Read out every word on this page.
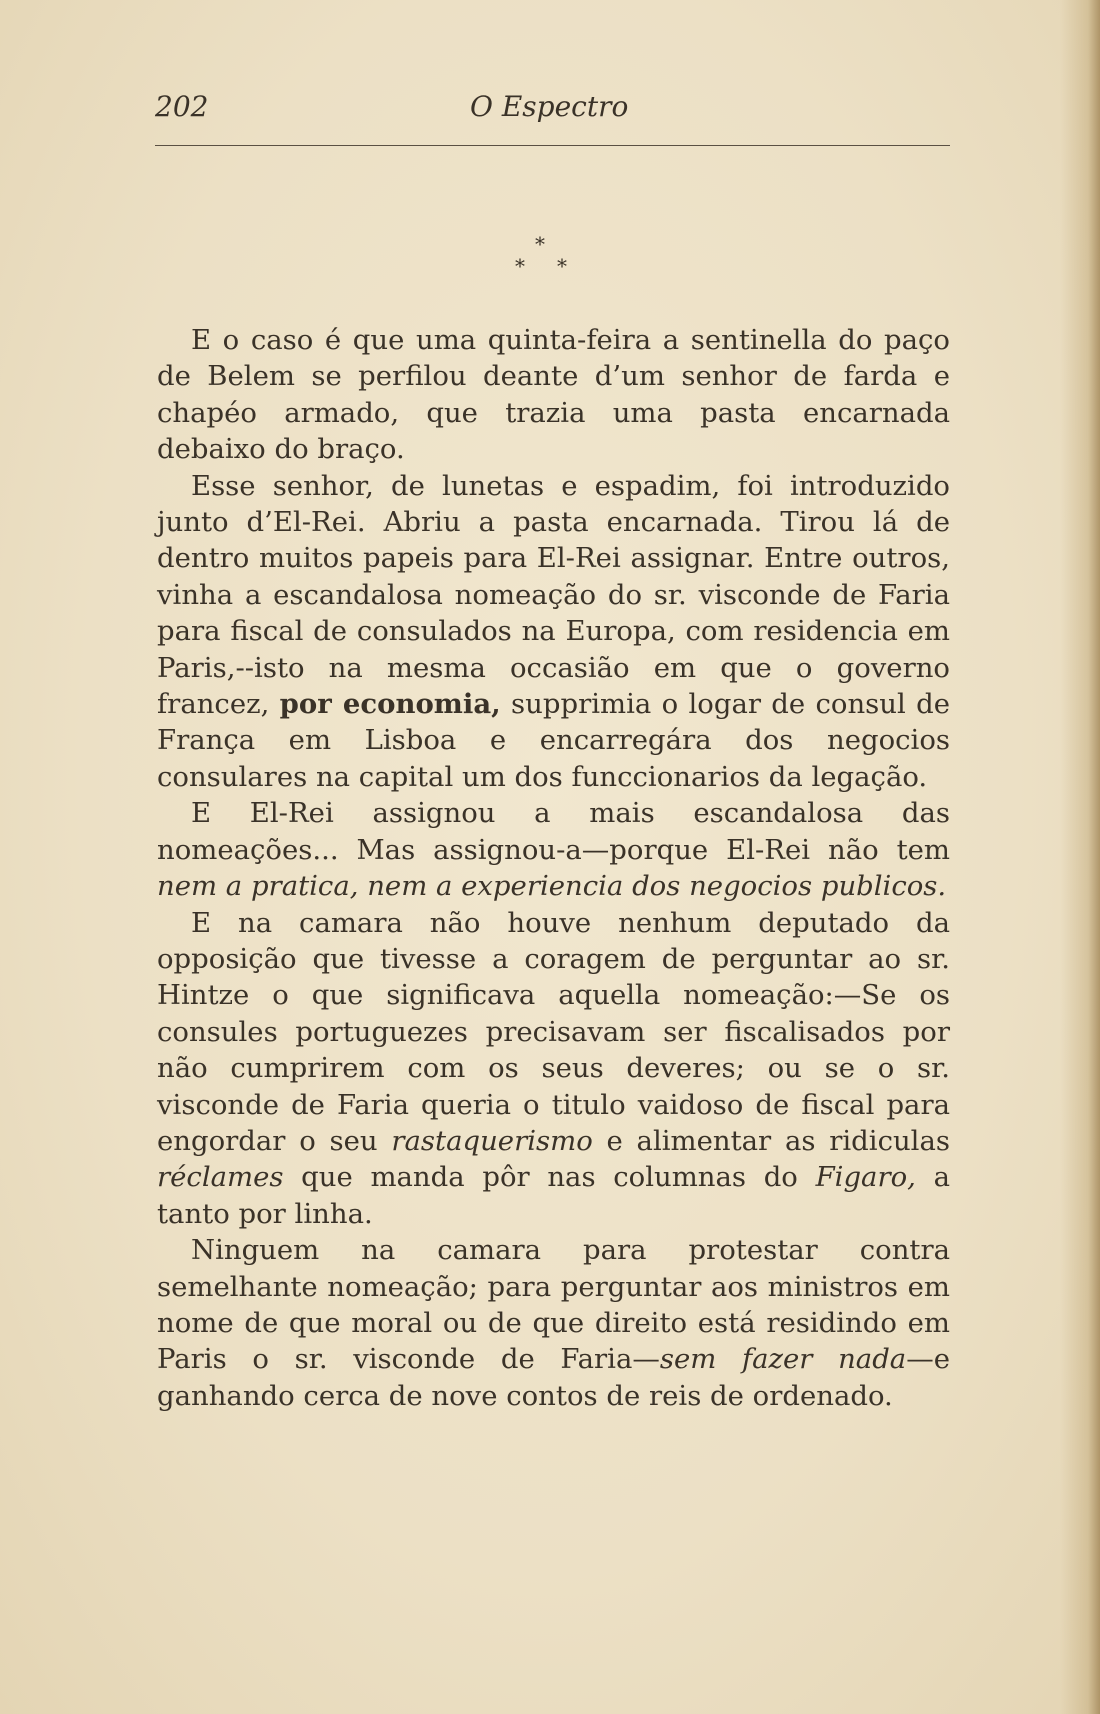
202	O Espectro
*
* *

E o caso é que uma quinta-feira a sentinella do paço de Belem se perfilou deante d’um senhor de farda e chapéo armado, que trazia uma pasta encarnada debaixo do braço.

Esse senhor, de lunetas e espadim, foi introduzido junto d’El-Rei. Abriu a pasta encarnada. Tirou lá de dentro muitos papeis para El-Rei assignar. Entre outros, vinha a escandalosa nomeação do sr. visconde de Faria para fiscal de consulados na Europa, com residencia em Paris,--isto na mesma occasião em que o governo francez, por economia, supprimia o logar de consul de França em Lisboa e encarregára dos negocios consulares na capital um dos funccionarios da legação.

E El-Rei assignou a mais escandalosa das nomeações... Mas assignou-a—porque El-Rei não tem nem a pratica, nem a experiencia dos negocios publicos.

E na camara não houve nenhum deputado da opposição que tivesse a coragem de perguntar ao sr. Hintze o que significava aquella nomeação:—Se os consules portuguezes precisavam ser fiscalisados por não cumprirem com os seus deveres; ou se o sr. visconde de Faria queria o titulo vaidoso de fiscal para engordar o seu rastaquerismo e alimentar as ridiculas réclames que manda pôr nas columnas do Figaro, a tanto por linha.

Ninguem na camara para protestar contra semelhante nomeação; para perguntar aos ministros em nome de que moral ou de que direito está residindo em Paris o sr. visconde de Faria—sem fazer nada—e ganhando cerca de nove contos de reis de ordenado.
